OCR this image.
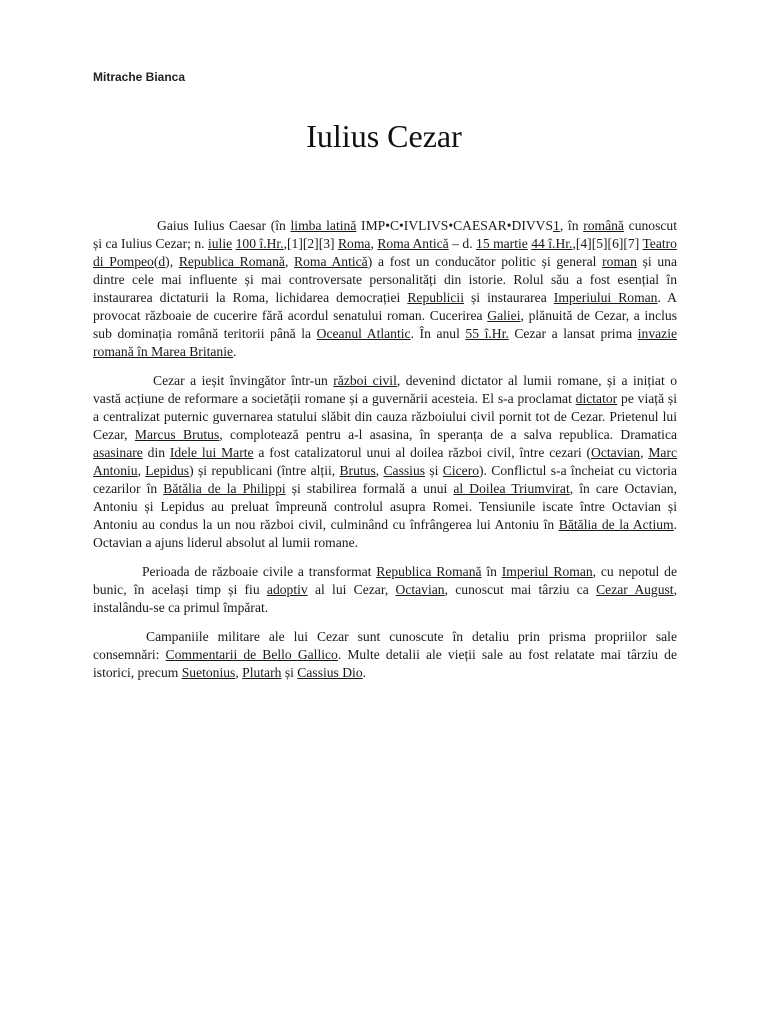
Mitrache Bianca
Iulius Cezar

Gaius Iulius Caesar (în limba latină IMP•C•IVLIVS•CAESAR•DIVVS1, în română cunoscut și ca Iulius Cezar; n. iulie 100 î.Hr.,[1][2][3] Roma, Roma Antică – d. 15 martie 44 î.Hr.,[4][5][6][7] Teatro di Pompeo(d), Republica Romană, Roma Antică) a fost un conducător politic și general roman și una dintre cele mai influente și mai controversate personalități din istorie. Rolul său a fost esențial în instaurarea dictaturii la Roma, lichidarea democrației Republicii și instaurarea Imperiului Roman. A provocat războaie de cucerire fără acordul senatului roman. Cucerirea Galiei, plănuită de Cezar, a inclus sub dominația română teritorii până la Oceanul Atlantic. În anul 55 î.Hr. Cezar a lansat prima invazie romană în Marea Britanie.

Cezar a ieșit învingător într-un război civil, devenind dictator al lumii romane, și a inițiat o vastă acțiune de reformare a societății romane și a guvernării acesteia. El s-a proclamat dictator pe viață și a centralizat puternic guvernarea statului slăbit din cauza războiului civil pornit tot de Cezar. Prietenul lui Cezar, Marcus Brutus, complotează pentru a-l asasina, în speranța de a salva republica. Dramatica asasinare din Idele lui Marte a fost catalizatorul unui al doilea război civil, între cezari (Octavian, Marc Antoniu, Lepidus) și republicani (între alții, Brutus, Cassius și Cicero). Conflictul s-a încheiat cu victoria cezarilor în Bătălia de la Philippi și stabilirea formală a unui al Doilea Triumvirat, în care Octavian, Antoniu și Lepidus au preluat împreună controlul asupra Romei. Tensiunile iscate între Octavian și Antoniu au condus la un nou război civil, culminând cu înfrângerea lui Antoniu în Bătălia de la Actium. Octavian a ajuns liderul absolut al lumii romane.

Perioada de războaie civile a transformat Republica Romană în Imperiul Roman, cu nepotul de bunic, în același timp și fiu adoptiv al lui Cezar, Octavian, cunoscut mai târziu ca Cezar August, instalându-se ca primul împărat.

Campaniile militare ale lui Cezar sunt cunoscute în detaliu prin prisma propriilor sale consemnări: Commentarii de Bello Gallico. Multe detalii ale vieții sale au fost relatate mai târziu de istorici, precum Suetonius, Plutarh și Cassius Dio.
